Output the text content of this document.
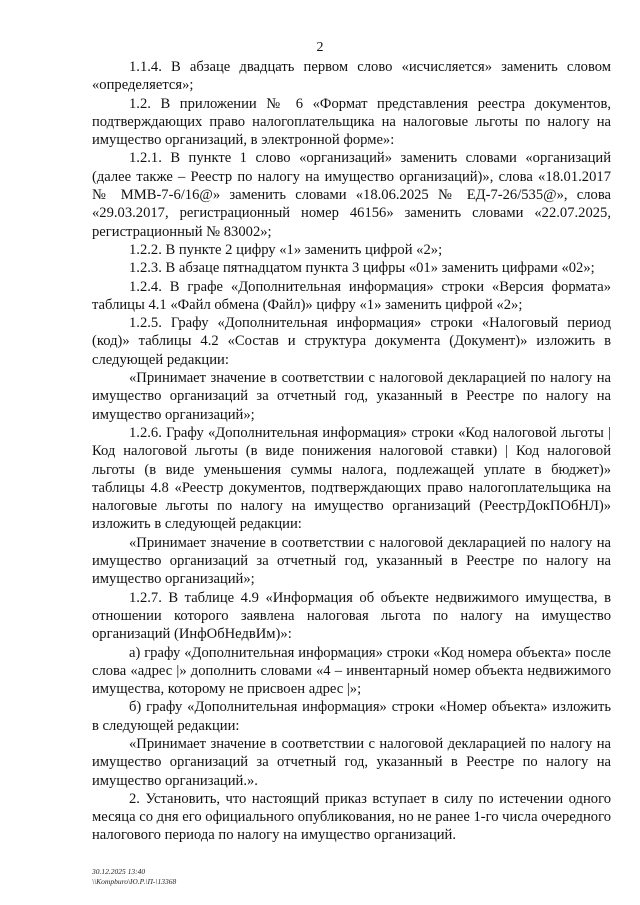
2

1.1.4. В абзаце двадцать первом слово «исчисляется» заменить словом «определяется»;

1.2. В приложении № 6 «Формат представления реестра документов, подтверждающих право налогоплательщика на налоговые льготы по налогу на имущество организаций, в электронной форме»:

1.2.1. В пункте 1 слово «организаций» заменить словами «организаций (далее также – Реестр по налогу на имущество организаций)», слова «18.01.2017 № ММВ-7-6/16@» заменить словами «18.06.2025 № ЕД-7-26/535@», слова «29.03.2017, регистрационный номер 46156» заменить словами «22.07.2025, регистрационный № 83002»;

1.2.2. В пункте 2 цифру «1» заменить цифрой «2»;

1.2.3. В абзаце пятнадцатом пункта 3 цифры «01» заменить цифрами «02»;

1.2.4. В графе «Дополнительная информация» строки «Версия формата» таблицы 4.1 «Файл обмена (Файл)» цифру «1» заменить цифрой «2»;

1.2.5. Графу «Дополнительная информация» строки «Налоговый период (код)» таблицы 4.2 «Состав и структура документа (Документ)» изложить в следующей редакции:

«Принимает значение в соответствии с налоговой декларацией по налогу на имущество организаций за отчетный год, указанный в Реестре по налогу на имущество организаций»;

1.2.6. Графу «Дополнительная информация» строки «Код налоговой льготы | Код налоговой льготы (в виде понижения налоговой ставки) | Код налоговой льготы (в виде уменьшения суммы налога, подлежащей уплате в бюджет)» таблицы 4.8 «Реестр документов, подтверждающих право налогоплательщика на налоговые льготы по налогу на имущество организаций (РеестрДокПОбНЛ)» изложить в следующей редакции:

«Принимает значение в соответствии с налоговой декларацией по налогу на имущество организаций за отчетный год, указанный в Реестре по налогу на имущество организаций»;

1.2.7. В таблице 4.9 «Информация об объекте недвижимого имущества, в отношении которого заявлена налоговая льгота по налогу на имущество организаций (ИнфОбНедвИм)»:

а) графу «Дополнительная информация» строки «Код номера объекта» после слова «адрес |» дополнить словами «4 – инвентарный номер объекта недвижимого имущества, которому не присвоен адрес |»;

б) графу «Дополнительная информация» строки «Номер объекта» изложить в следующей редакции:

«Принимает значение в соответствии с налоговой декларацией по налогу на имущество организаций за отчетный год, указанный в Реестре по налогу на имущество организаций.».

2. Установить, что настоящий приказ вступает в силу по истечении одного месяца со дня его официального опубликования, но не ранее 1-го числа очередного налогового периода по налогу на имущество организаций.

30.12.2025 13:40
\\Kompburo\Ю.Р.\П-\13368
